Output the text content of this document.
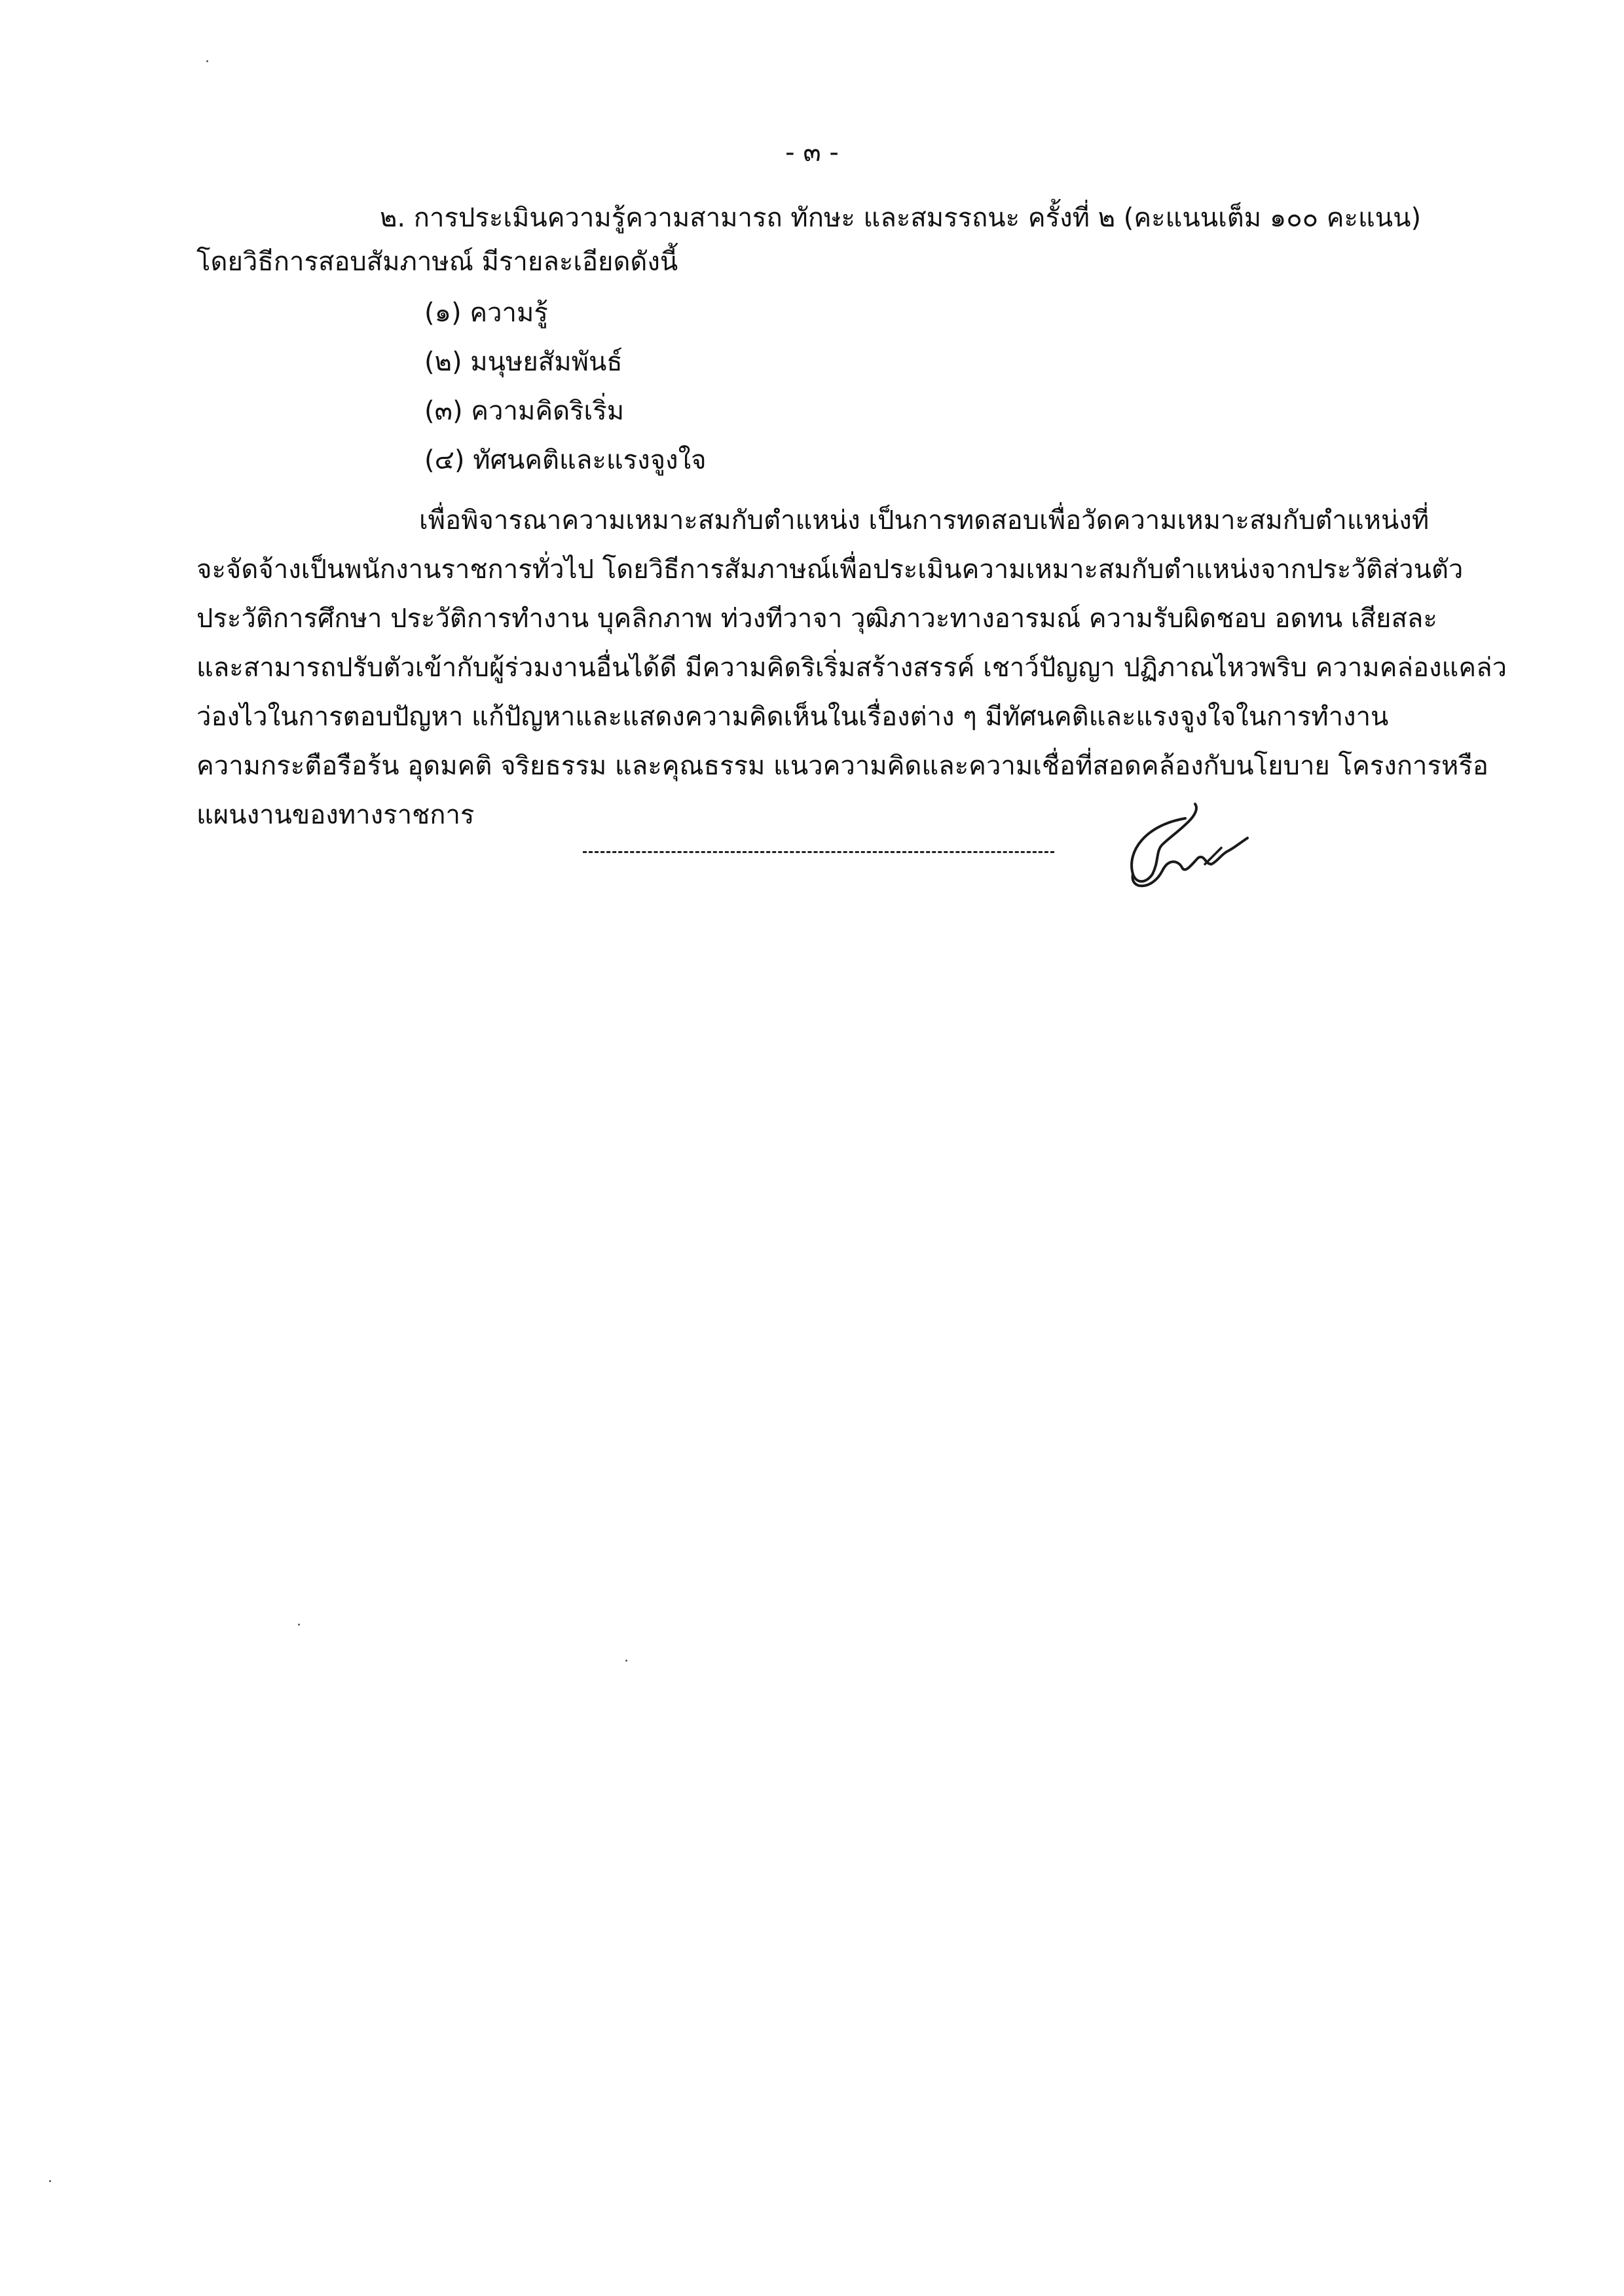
- ๓ -
๒. การประเมินความรู้ความสามารถ ทักษะ และสมรรถนะ ครั้งที่ ๒ (คะแนนเต็ม ๑๐๐ คะแนน)
โดยวิธีการสอบสัมภาษณ์ มีรายละเอียดดังนี้
(๑) ความรู้
(๒) มนุษยสัมพันธ์
(๓) ความคิดริเริ่ม
(๔) ทัศนคติและแรงจูงใจ
เพื่อพิจารณาความเหมาะสมกับตำแหน่ง เป็นการทดสอบเพื่อวัดความเหมาะสมกับตำแหน่งที่
จะจัดจ้างเป็นพนักงานราชการทั่วไป โดยวิธีการสัมภาษณ์เพื่อประเมินความเหมาะสมกับตำแหน่งจากประวัติส่วนตัว
ประวัติการศึกษา ประวัติการทำงาน บุคลิกภาพ ท่วงทีวาจา วุฒิภาวะทางอารมณ์ ความรับผิดชอบ อดทน เสียสละ
และสามารถปรับตัวเข้ากับผู้ร่วมงานอื่นได้ดี มีความคิดริเริ่มสร้างสรรค์ เชาว์ปัญญา ปฏิภาณไหวพริบ ความคล่องแคล่ว
ว่องไวในการตอบปัญหา แก้ปัญหาและแสดงความคิดเห็นในเรื่องต่าง ๆ มีทัศนคติและแรงจูงใจในการทำงาน
ความกระตือรือร้น อุดมคติ จริยธรรม และคุณธรรม แนวความคิดและความเชื่อที่สอดคล้องกับนโยบาย โครงการหรือ
แผนงานของทางราชการ
